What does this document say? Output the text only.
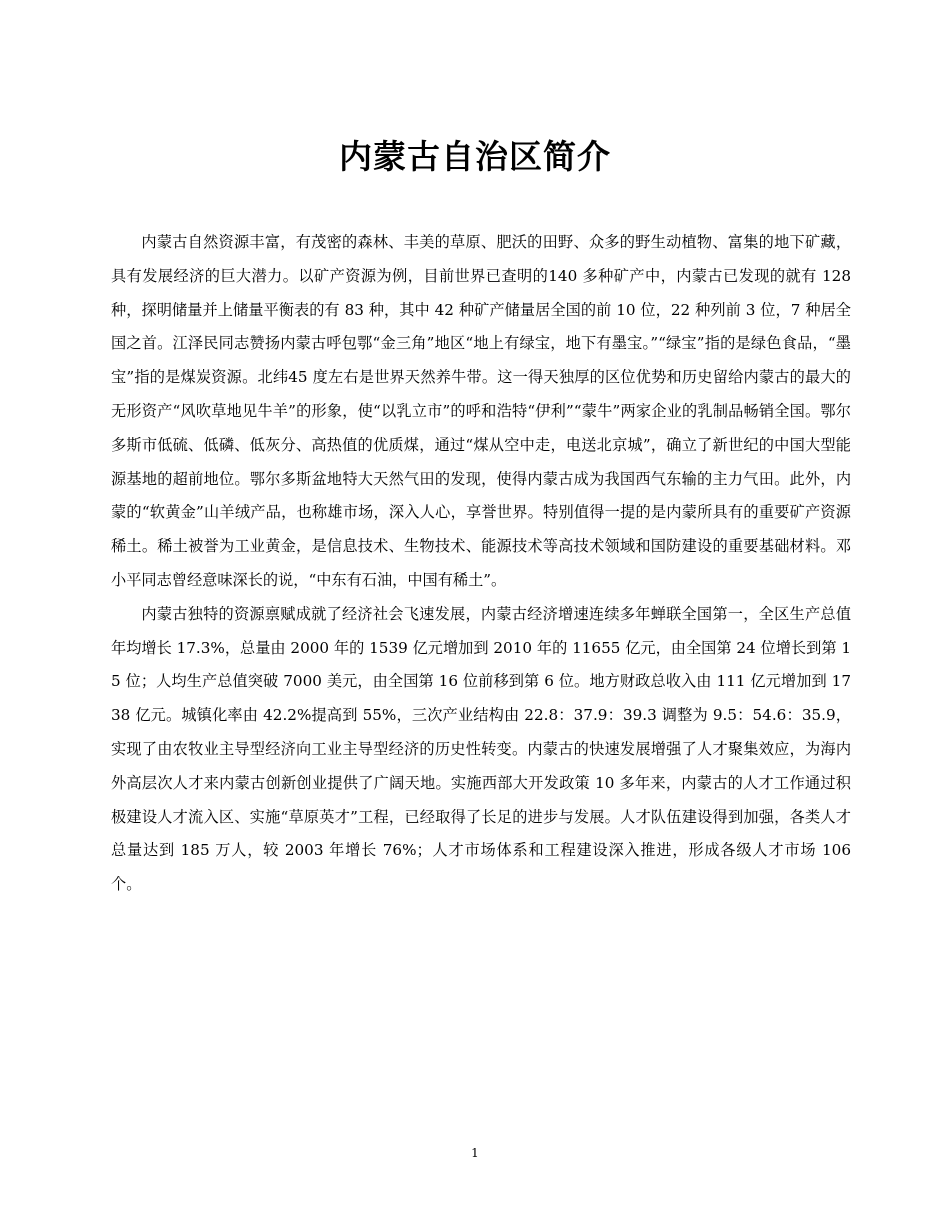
内蒙古自治区简介

内蒙古自然资源丰富，有茂密的森林、丰美的草原、肥沃的田野、众多的野生动植物、富集的地下矿藏，具有发展经济的巨大潜力。以矿产资源为例，目前世界已查明的140 多种矿产中，内蒙古已发现的就有 128 种，探明储量并上储量平衡表的有 83 种，其中 42 种矿产储量居全国的前 10 位，22 种列前 3 位，7 种居全国之首。江泽民同志赞扬内蒙古呼包鄂“金三角”地区“地上有绿宝，地下有墨宝。”“绿宝”指的是绿色食品，“墨宝”指的是煤炭资源。北纬45 度左右是世界天然养牛带。这一得天独厚的区位优势和历史留给内蒙古的最大的无形资产“风吹草地见牛羊”的形象，使“以乳立市”的呼和浩特“伊利”“蒙牛”两家企业的乳制品畅销全国。鄂尔多斯市低硫、低磷、低灰分、高热值的优质煤，通过“煤从空中走，电送北京城”，确立了新世纪的中国大型能源基地的超前地位。鄂尔多斯盆地特大天然气田的发现，使得内蒙古成为我国西气东输的主力气田。此外，内蒙的“软黄金”山羊绒产品，也称雄市场，深入人心，享誉世界。特别值得一提的是内蒙所具有的重要矿产资源稀土。稀土被誉为工业黄金，是信息技术、生物技术、能源技术等高技术领域和国防建设的重要基础材料。邓小平同志曾经意味深长的说，“中东有石油，中国有稀土”。

内蒙古独特的资源禀赋成就了经济社会飞速发展，内蒙古经济增速连续多年蝉联全国第一，全区生产总值年均增长 17.3%，总量由 2000 年的 1539 亿元增加到 2010 年的 11655 亿元，由全国第 24 位增长到第 15 位；人均生产总值突破 7000 美元，由全国第 16 位前移到第 6 位。地方财政总收入由 111 亿元增加到 1738 亿元。城镇化率由 42.2%提高到 55%，三次产业结构由 22.8：37.9：39.3 调整为 9.5：54.6：35.9，实现了由农牧业主导型经济向工业主导型经济的历史性转变。内蒙古的快速发展增强了人才聚集效应，为海内外高层次人才来内蒙古创新创业提供了广阔天地。实施西部大开发政策 10 多年来，内蒙古的人才工作通过积极建设人才流入区、实施“草原英才”工程，已经取得了长足的进步与发展。人才队伍建设得到加强，各类人才总量达到 185 万人，较 2003 年增长 76%；人才市场体系和工程建设深入推进，形成各级人才市场 106 个。

1
